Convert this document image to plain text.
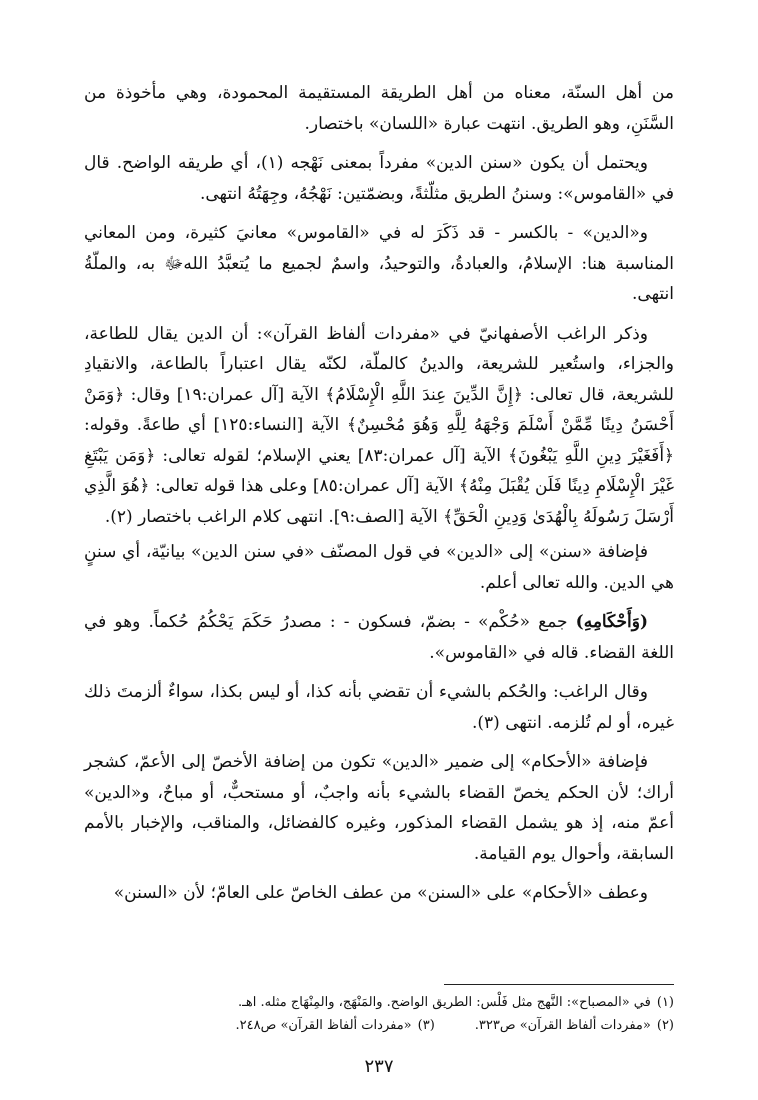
من أهل السنّة، معناه من أهل الطريقة المستقيمة المحمودة، وهي مأخوذة من السَّنَنِ، وهو الطريق. انتهت عبارة «اللسان» باختصار.

ويحتمل أن يكون «سنن الدين» مفرداً بمعنى نَهْجه (١)، أي طريقه الواضح. قال في «القاموس»: وسننُ الطريق مثلّثةً، وبضمّتين: نَهْجُهُ، وجِهَتُهُ انتهى.

و«الدين» - بالكسر - قد ذَكَرَ له في «القاموس» معانيَ كثيرة، ومن المعاني المناسبة هنا: الإسلامُ، والعبادةُ، والتوحيدُ، واسمٌ لجميع ما يُتعبَّدُ اللهﷻ به، والملّةُ انتهى.

وذكر الراغب الأصفهانيّ في «مفردات ألفاظ القرآن»: أن الدين يقال للطاعة، والجزاء، واستُعير للشريعة، والدينُ كالملّة، لكنّه يقال اعتباراً بالطاعة، والانقيادِ للشريعة، قال تعالى: ﴿إِنَّ الدِّينَ عِندَ اللَّهِ الْإِسْلَامُ﴾ الآية [آل عمران:١٩] وقال: ﴿وَمَنْ أَحْسَنُ دِينًا مِّمَّنْ أَسْلَمَ وَجْهَهُ لِلَّهِ وَهُوَ مُحْسِنٌ﴾ الآية [النساء:١٢٥] أي طاعةً. وقوله: ﴿أَفَغَيْرَ دِينِ اللَّهِ يَبْغُونَ﴾ الآية [آل عمران:٨٣] يعني الإسلام؛ لقوله تعالى: ﴿وَمَن يَبْتَغِ غَيْرَ الْإِسْلَامِ دِينًا فَلَن يُقْبَلَ مِنْهُ﴾ الآية [آل عمران:٨٥] وعلى هذا قوله تعالى: ﴿هُوَ الَّذِي أَرْسَلَ رَسُولَهُ بِالْهُدَىٰ وَدِينِ الْحَقِّ﴾ الآية [الصف:٩]. انتهى كلام الراغب باختصار (٢).

فإضافة «سنن» إلى «الدين» في قول المصنّف «في سنن الدين» بيانيّة، أي سننٍ هي الدين. والله تعالى أعلم.

(وَأَحْكَامِهِ) جمع «حُكْم» - بضمّ، فسكون - : مصدرُ حَكَمَ يَحْكُمُ حُكماً. وهو في اللغة القضاء. قاله في «القاموس».

وقال الراغب: والحُكم بالشيء أن تقضي بأنه كذا، أو ليس بكذا، سواءٌ ألزمتَ ذلك غيره، أو لم تُلزمه. انتهى (٣).

فإضافة «الأحكام» إلى ضمير «الدين» تكون من إضافة الأخصّ إلى الأعمّ، كشجر أراك؛ لأن الحكم يخصّ القضاء بالشيء بأنه واجبٌ، أو مستحبٌّ، أو مباحٌ، و«الدين» أعمّ منه، إذ هو يشمل القضاء المذكور، وغيره كالفضائل، والمناقب، والإخبار بالأمم السابقة، وأحوال يوم القيامة.

وعطف «الأحكام» على «السنن» من عطف الخاصّ على العامّ؛ لأن «السنن»

(١)في «المصباح»: النَّهج مثل فَلْس: الطريق الواضح. والمَنْهَج، والمِنْهَاج مثله. اهـ.
(٢)«مفردات ألفاظ القرآن» ص٣٢٣.(٣)«مفردات ألفاظ القرآن» ص٢٤٨.
٢٣٧
